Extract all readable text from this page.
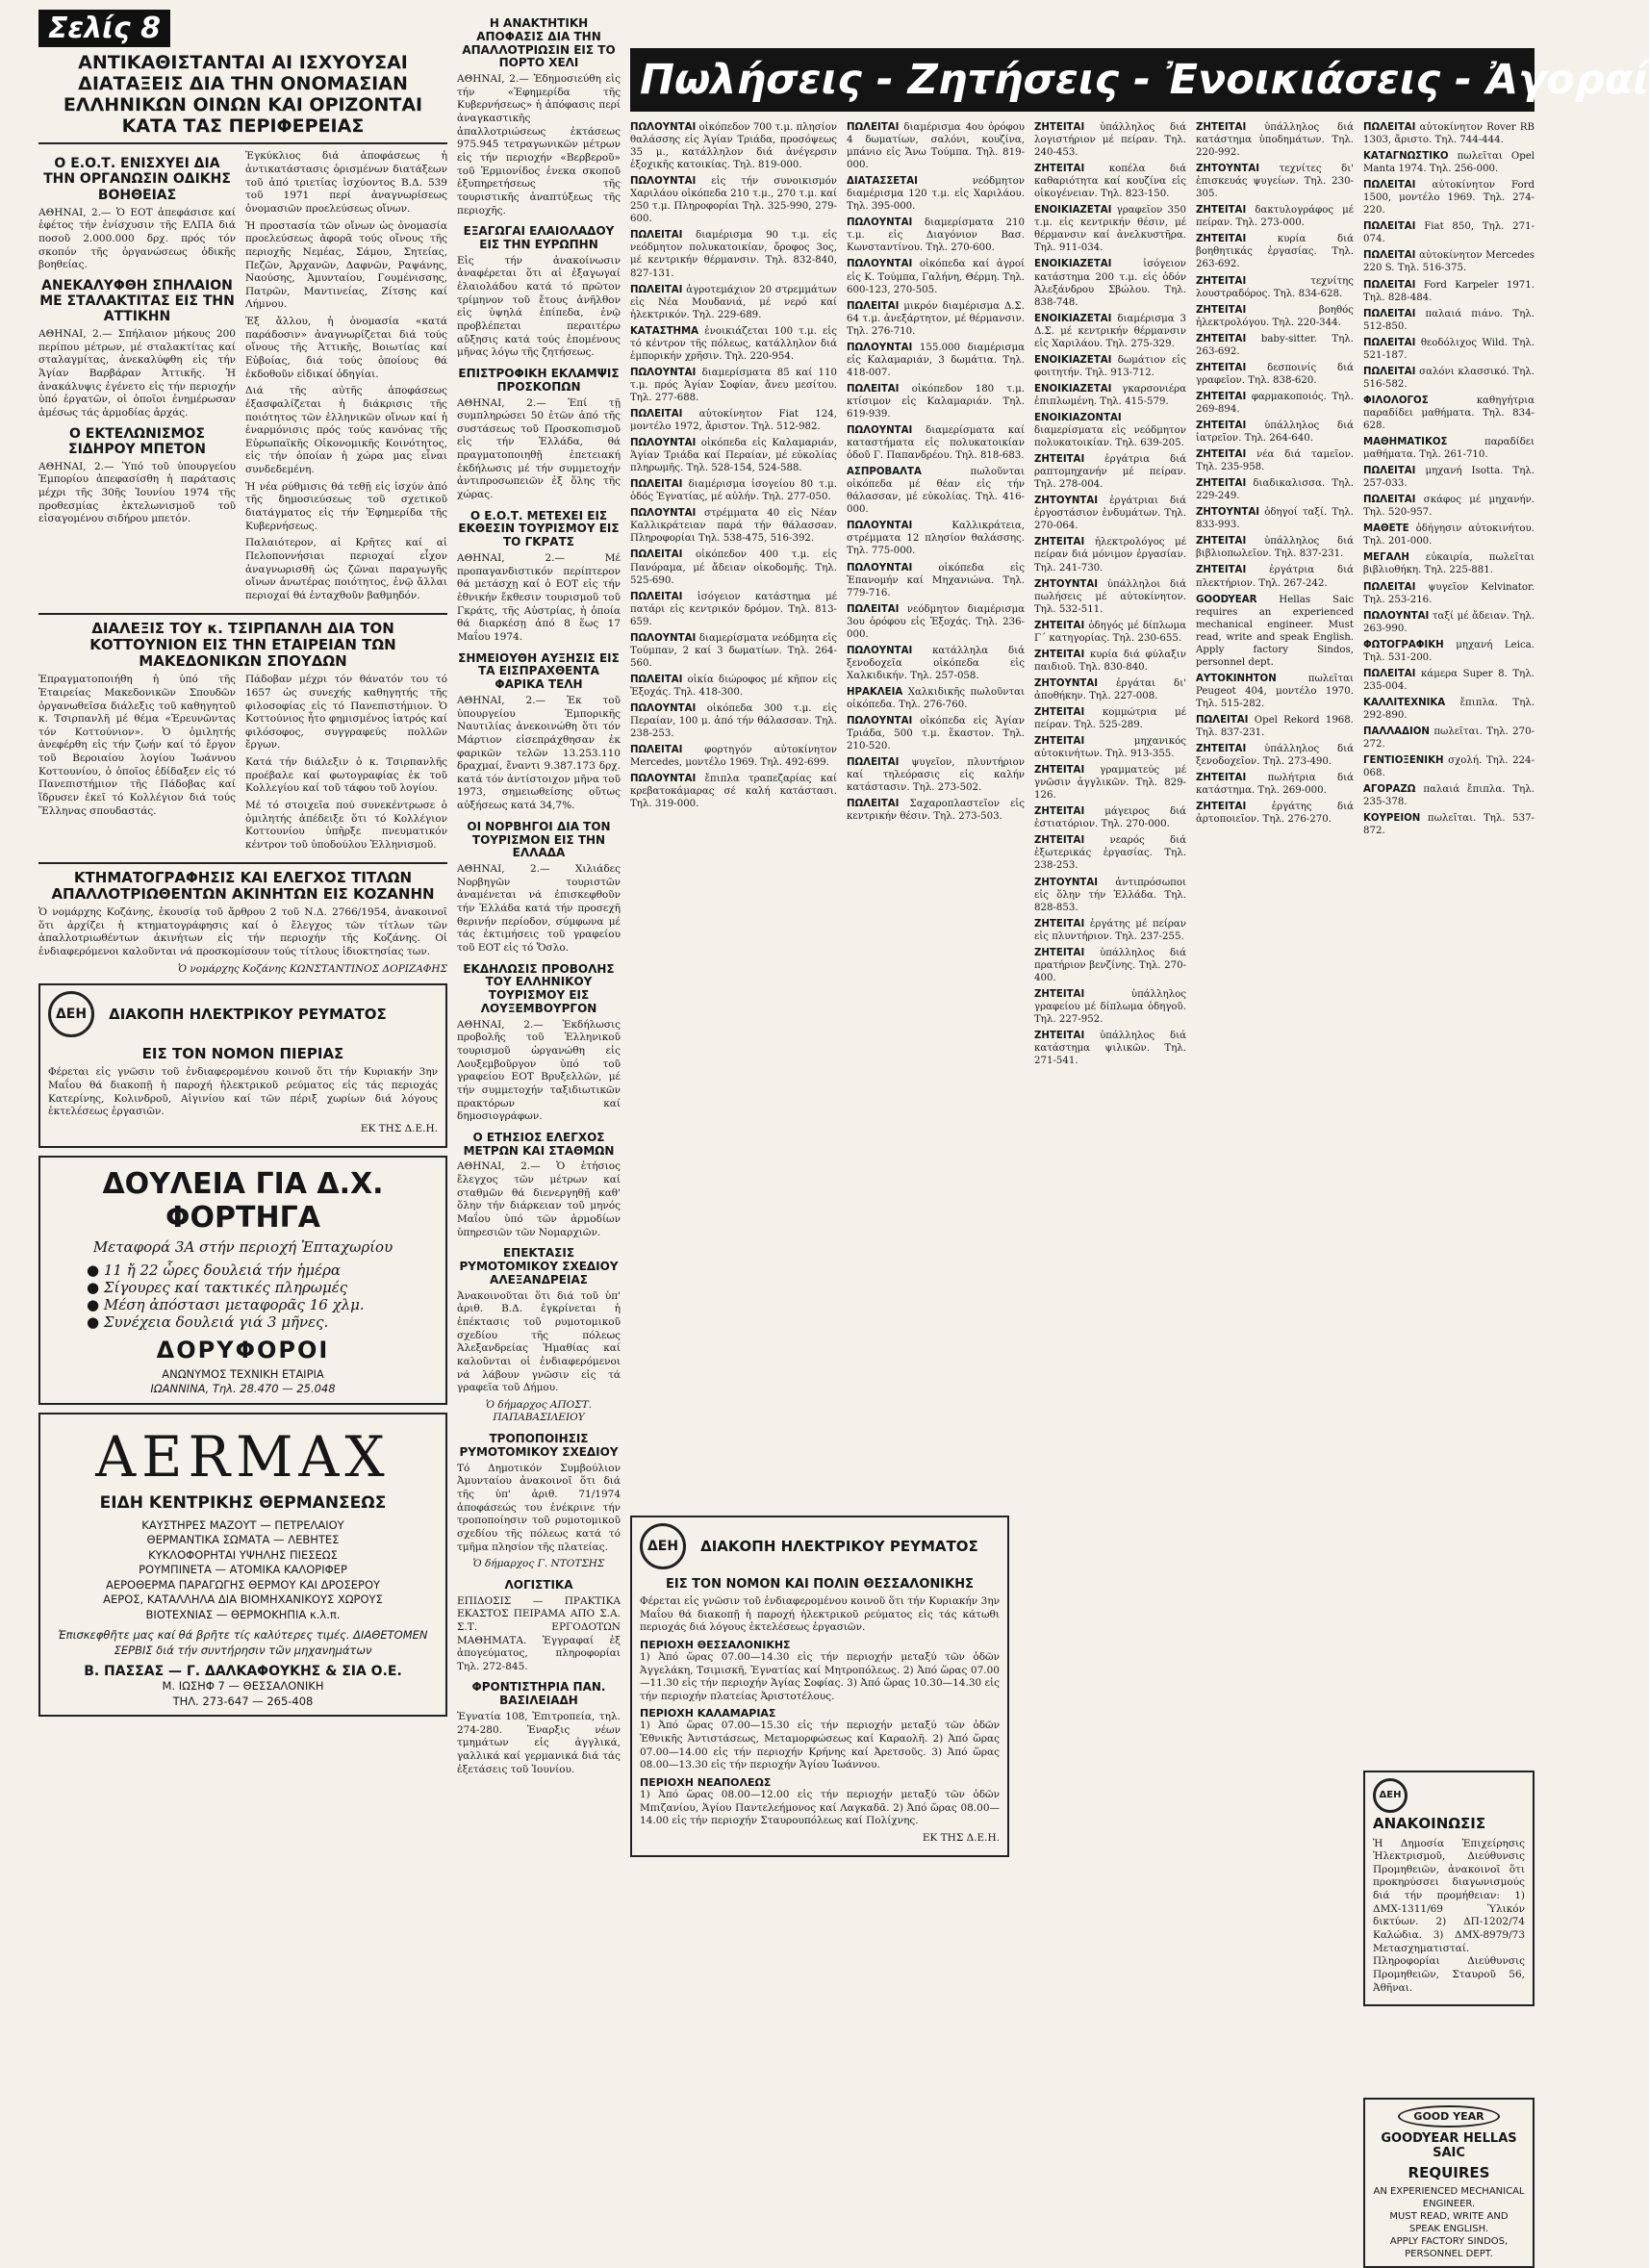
Σελίς 8
ΑΝΤΙΚΑΘΙΣΤΑΝΤΑΙ ΑΙ ΙΣΧΥΟΥΣΑΙ ΔΙΑΤΑΞΕΙΣ ΔΙΑ ΤΗΝ ΟΝΟΜΑΣΙΑΝ ΕΛΛΗΝΙΚΩΝ ΟΙΝΩΝ ΚΑΙ ΟΡΙΖΟΝΤΑΙ ΚΑΤΑ ΤΑΣ ΠΕΡΙΦΕΡΕΙΑΣ
Ο Ε.Ο.Τ. ΕΝΙΣΧΥΕΙ ΔΙΑ ΤΗΝ ΟΡΓΑΝΩΣΙΝ ΟΔΙΚΗΣ ΒΟΗΘΕΙΑΣ

ΑΘΗΝΑΙ, 2.— Ὁ ΕΟΤ ἀπεφάσισε καί ἐφέτος τήν ἐνίσχυσιν τῆς ΕΛΠΑ διά ποσοῦ 2.000.000 δρχ. πρός τόν σκοπόν τῆς ὀργανώσεως ὁδικῆς βοηθείας.

ΑΝΕΚΑΛΥΦΘΗ ΣΠΗΛΑΙΟΝ ΜΕ ΣΤΑΛΑΚΤΙΤΑΣ ΕΙΣ ΤΗΝ ΑΤΤΙΚΗΝ

ΑΘΗΝΑΙ, 2.— Σπήλαιον μήκους 200 περίπου μέτρων, μέ σταλακτίτας καί σταλαγμίτας, ἀνεκαλύφθη εἰς τήν Ἁγίαν Βαρβάραν Ἀττικῆς. Ἡ ἀνακάλυψις ἐγένετο εἰς τήν περιοχήν ὑπό ἐργατῶν, οἱ ὁποῖοι ἐνημέρωσαν ἀμέσως τάς ἀρμοδίας ἀρχάς.

Ο ΕΚΤΕΛΩΝΙΣΜΟΣ ΣΙΔΗΡΟΥ ΜΠΕΤΟΝ

ΑΘΗΝΑΙ, 2.— Ὑπό τοῦ ὑπουργείου Ἐμπορίου ἀπεφασίσθη ἡ παράτασις μέχρι τῆς 30ῆς Ἰουνίου 1974 τῆς προθεσμίας ἐκτελωνισμοῦ τοῦ εἰσαγομένου σιδήρου μπετόν.

Ἐγκύκλιος διά ἀποφάσεως ἡ ἀντικατάστασις ὁρισμένων διατάξεων τοῦ ἀπό τριετίας ἰσχύοντος Β.Δ. 539 τοῦ 1971 περί ἀναγνωρίσεως ὀνομασιῶν προελεύσεως οἴνων.

Ἡ προστασία τῶν οἴνων ὡς ὀνομασία προελεύσεως ἀφορᾶ τούς οἴνους τῆς περιοχῆς Νεμέας, Σάμου, Σητείας, Πεζῶν, Ἀρχανῶν, Δαφνῶν, Ραψάνης, Ναούσης, Ἀμυνταίου, Γουμένισσης, Πατρῶν, Μαντινείας, Ζίτσης καί Λήμνου.

Ἐξ ἄλλου, ἡ ὀνομασία «κατά παράδοσιν» ἀναγνωρίζεται διά τούς οἴνους τῆς Ἀττικῆς, Βοιωτίας καί Εὐβοίας, διά τούς ὁποίους θά ἐκδοθοῦν εἰδικαί ὁδηγίαι.

Διά τῆς αὐτῆς ἀποφάσεως ἐξασφαλίζεται ἡ διάκρισις τῆς ποιότητος τῶν ἑλληνικῶν οἴνων καί ἡ ἐναρμόνισις πρός τούς κανόνας τῆς Εὐρωπαϊκῆς Οἰκονομικῆς Κοινότητος, εἰς τήν ὁποίαν ἡ χώρα μας εἶναι συνδεδεμένη.

Ἡ νέα ρύθμισις θά τεθῇ εἰς ἰσχύν ἀπό τῆς δημοσιεύσεως τοῦ σχετικοῦ διατάγματος εἰς τήν Ἐφημερίδα τῆς Κυβερνήσεως.

Παλαιότερον, αἱ Κρῆτες καί αἱ Πελοποννήσιαι περιοχαί εἶχον ἀναγνωρισθῆ ὡς ζῶναι παραγωγῆς οἴνων ἀνωτέρας ποιότητος, ἐνῷ ἄλλαι περιοχαί θά ἐνταχθοῦν βαθμηδόν.

ΔΙΑΛΕΞΙΣ ΤΟΥ κ. ΤΣΙΡΠΑΝΛΗ ΔΙΑ ΤΟΝ ΚΟΤΤΟΥΝΙΟΝ ΕΙΣ ΤΗΝ ΕΤΑΙΡΕΙΑΝ ΤΩΝ ΜΑΚΕΔΟΝΙΚΩΝ ΣΠΟΥΔΩΝ

Ἐπραγματοποιήθη ἡ ὑπό τῆς Ἑταιρείας Μακεδονικῶν Σπουδῶν ὀργανωθεῖσα διάλεξις τοῦ καθηγητοῦ κ. Τσιρπανλῆ μέ θέμα «Ἐρευνῶντας τόν Κοττούνιον». Ὁ ὁμιλητής ἀνεφέρθη εἰς τήν ζωήν καί τό ἔργον τοῦ Βεροιαίου λογίου Ἰωάννου Κοττουνίου, ὁ ὁποῖος ἐδίδαξεν εἰς τό Πανεπιστήμιον τῆς Πάδοβας καί ἵδρυσεν ἐκεῖ τό Κολλέγιον διά τούς Ἕλληνας σπουδαστάς.

Πάδοβαν μέχρι τόν θάνατόν του τό 1657 ὡς συνεχής καθηγητής τῆς φιλοσοφίας εἰς τό Πανεπιστήμιον. Ὁ Κοττούνιος ἦτο φημισμένος ἰατρός καί φιλόσοφος, συγγραφεύς πολλῶν ἔργων.

Κατά τήν διάλεξιν ὁ κ. Τσιρπανλῆς προέβαλε καί φωτογραφίας ἐκ τοῦ Κολλεγίου καί τοῦ τάφου τοῦ λογίου.

Μέ τό στοιχεῖα πού συνεκέντρωσε ὁ ὁμιλητής ἀπέδειξε ὅτι τό Κολλέγιον Κοττουνίου ὑπῆρξε πνευματικόν κέντρον τοῦ ὑποδούλου Ἑλληνισμοῦ.

ΚΤΗΜΑΤΟΓΡΑΦΗΣΙΣ ΚΑΙ ΕΛΕΓΧΟΣ ΤΙΤΛΩΝ ΑΠΑΛΛΟΤΡΙΩΘΕΝΤΩΝ ΑΚΙΝΗΤΩΝ ΕΙΣ ΚΟΖΑΝΗΝ

Ὁ νομάρχης Κοζάνης, ἐκουσίᾳ τοῦ ἄρθρου 2 τοῦ Ν.Δ. 2766/1954, ἀνακοινοῖ ὅτι ἀρχίζει ἡ κτηματογράφησις καί ὁ ἔλεγχος τῶν τίτλων τῶν ἀπαλλοτριωθέντων ἀκινήτων εἰς τήν περιοχήν τῆς Κοζάνης. Οἱ ἐνδιαφερόμενοι καλοῦνται νά προσκομίσουν τούς τίτλους ἰδιοκτησίας των.

Ὁ νομάρχης Κοζάνης ΚΩΝΣΤΑΝΤΙΝΟΣ ΔΟΡΙΖΑΦΗΣ

ΔΕΗ ΔΙΑΚΟΠΗ ΗΛΕΚΤΡΙΚΟΥ ΡΕΥΜΑΤΟΣ
ΕΙΣ ΤΟΝ ΝΟΜΟΝ ΠΙΕΡΙΑΣ

Φέρεται εἰς γνῶσιν τοῦ ἐνδιαφερομένου κοινοῦ ὅτι τήν Κυριακήν 3ην Μαΐου θά διακοπῇ ἡ παροχή ἠλεκτρικοῦ ρεύματος εἰς τάς περιοχάς Κατερίνης, Κολινδροῦ, Αἰγινίου καί τῶν πέριξ χωρίων διά λόγους ἐκτελέσεως ἐργασιῶν.

ΕΚ ΤΗΣ Δ.Ε.Η.

ΔΟΥΛΕΙΑ ΓΙΑ Δ.Χ. ΦΟΡΤΗΓΑ
Μεταφορά 3Α στήν περιοχή Ἐπταχωρίου
● 11 ἤ 22 ὧρες δουλειά τήν ἡμέρα
● Σίγουρες καί τακτικές πληρωμές
● Μέση ἀπόστασι μεταφορᾶς 16 χλμ.
● Συνέχεια δουλειά γιά 3 μῆνες.
ΔΟΡΥΦΟΡΟΙ
ΑΝΩΝΥΜΟΣ ΤΕΧΝΙΚΗ ΕΤΑΙΡΙΑ
ΙΩΑΝΝΙΝΑ, Τηλ. 28.470 — 25.048
ΑΕRΜΑΧ
ΕΙΔΗ ΚΕΝΤΡΙΚΗΣ ΘΕΡΜΑΝΣΕΩΣ
ΚΑΥΣΤΗΡΕΣ ΜΑΖΟΥΤ — ΠΕΤΡΕΛΑΙΟΥ
ΘΕΡΜΑΝΤΙΚΑ ΣΩΜΑΤΑ — ΛΕΒΗΤΕΣ
ΚΥΚΛΟΦΟΡΗΤΑΙ ΥΨΗΛΗΣ ΠΙΕΣΕΩΣ
ΡΟΥΜΠΙΝΕΤΑ — ΑΤΟΜΙΚΑ ΚΑΛΟΡΙΦΕΡ
ΑΕΡΟΘΕΡΜΑ ΠΑΡΑΓΩΓΗΣ ΘΕΡΜΟΥ ΚΑΙ ΔΡΟΣΕΡΟΥ
ΑΕΡΟΣ, ΚΑΤΑΛΛΗΛΑ ΔΙΑ ΒΙΟΜΗΧΑΝΙΚΟΥΣ ΧΩΡΟΥΣ
ΒΙΟΤΕΧΝΙΑΣ — ΘΕΡΜΟΚΗΠΙΑ κ.λ.π.
Ἐπισκεφθῆτε μας καί θά βρῆτε τίς καλύτερες τιμές. ΔΙΑΘΕΤΟΜΕΝ ΣΕΡΒΙΣ διά τήν συντήρησιν τῶν μηχανημάτων
Β. ΠΑΣΣΑΣ — Γ. ΔΑΛΚΑΦΟΥΚΗΣ & ΣΙΑ Ο.Ε.
Μ. ΙΩΣΗΦ 7 — ΘΕΣΣΑΛΟΝΙΚΗ
ΤΗΛ. 273-647 — 265-408
Η ΑΝΑΚΤΗΤΙΚΗ ΑΠΟΦΑΣΙΣ ΔΙΑ ΤΗΝ ΑΠΑΛΛΟΤΡΙΩΣΙΝ ΕΙΣ ΤΟ ΠΟΡΤΟ ΧΕΛΙ

ΑΘΗΝΑΙ, 2.— Ἐδημοσιεύθη εἰς τήν «Ἐφημερίδα τῆς Κυβερνήσεως» ἡ ἀπόφασις περί ἀναγκαστικῆς ἀπαλλοτριώσεως ἐκτάσεως 975.945 τετραγωνικῶν μέτρων εἰς τήν περιοχήν «Βερβεροῦ» τοῦ Ἑρμιονίδος ἐνεκα σκοποῦ ἐξυπηρετήσεως τῆς τουριστικῆς ἀναπτύξεως τῆς περιοχῆς.

ΕΞΑΓΩΓΑΙ ΕΛΑΙΟΛΑΔΟΥ ΕΙΣ ΤΗΝ ΕΥΡΩΠΗΝ

Εἰς τήν ἀνακοίνωσιν ἀναφέρεται ὅτι αἱ ἐξαγωγαί ἐλαιολάδου κατά τό πρῶτον τρίμηνον τοῦ ἔτους ἀνῆλθον εἰς ὑψηλά ἐπίπεδα, ἐνῷ προβλέπεται περαιτέρω αὔξησις κατά τούς ἑπομένους μῆνας λόγω τῆς ζητήσεως.

ΕΠΙΣΤΡΟΦΙΚΗ ΕΚΛΑΜΨΙΣ ΠΡΟΣΚΟΠΩΝ

ΑΘΗΝΑΙ, 2.— Ἐπί τῇ συμπληρώσει 50 ἐτῶν ἀπό τῆς συστάσεως τοῦ Προσκοπισμοῦ εἰς τήν Ἑλλάδα, θά πραγματοποιηθῇ ἐπετειακή ἐκδήλωσις μέ τήν συμμετοχήν ἀντιπροσωπειῶν ἐξ ὅλης τῆς χώρας.

Ο Ε.Ο.Τ. ΜΕΤΕΧΕΙ ΕΙΣ ΕΚΘΕΣΙΝ ΤΟΥΡΙΣΜΟΥ ΕΙΣ ΤΟ ΓΚΡΑΤΣ

ΑΘΗΝΑΙ, 2.— Μέ προπαγανδιστικόν περίπτερον θά μετάσχῃ καί ὁ ΕΟΤ εἰς τήν ἐθνικήν ἔκθεσιν τουρισμοῦ τοῦ Γκράτς, τῆς Αὐστρίας, ἡ ὁποία θά διαρκέσῃ ἀπό 8 ἕως 17 Μαΐου 1974.

ΣΗΜΕΙΟΥΘΗ ΑΥΞΗΣΙΣ ΕΙΣ ΤΑ ΕΙΣΠΡΑΧΘΕΝΤΑ ΦΑΡΙΚΑ ΤΕΛΗ

ΑΘΗΝΑΙ, 2.— Ἐκ τοῦ ὑπουργείου Ἐμπορικῆς Ναυτιλίας ἀνεκοινώθη ὅτι τόν Μάρτιον εἰσεπράχθησαν ἐκ φαρικῶν τελῶν 13.253.110 δραχμαί, ἔναντι 9.387.173 δρχ. κατά τόν ἀντίστοιχον μῆνα τοῦ 1973, σημειωθείσης οὕτως αὐξήσεως κατά 34,7%.

ΟΙ ΝΟΡΒΗΓΟΙ ΔΙΑ ΤΟΝ ΤΟΥΡΙΣΜΟΝ ΕΙΣ ΤΗΝ ΕΛΛΑΔΑ

ΑΘΗΝΑΙ, 2.— Χιλιάδες Νορβηγῶν τουριστῶν ἀναμένεται νά ἐπισκεφθοῦν τήν Ἑλλάδα κατά τήν προσεχῆ θερινήν περίοδον, σύμφωνα μέ τάς ἐκτιμήσεις τοῦ γραφείου τοῦ ΕΟΤ εἰς τό Ὄσλο.

ΕΚΔΗΛΩΣΙΣ ΠΡΟΒΟΛΗΣ ΤΟΥ ΕΛΛΗΝΙΚΟΥ ΤΟΥΡΙΣΜΟΥ ΕΙΣ ΛΟΥΞΕΜΒΟΥΡΓΟΝ

ΑΘΗΝΑΙ, 2.— Ἐκδήλωσις προβολῆς τοῦ Ἑλληνικοῦ τουρισμοῦ ὠργανώθη εἰς Λουξεμβοῦργον ὑπό τοῦ γραφείου ΕΟΤ Βρυξελλῶν, μέ τήν συμμετοχήν ταξιδιωτικῶν πρακτόρων καί δημοσιογράφων.

Ο ΕΤΗΣΙΟΣ ΕΛΕΓΧΟΣ ΜΕΤΡΩΝ ΚΑΙ ΣΤΑΘΜΩΝ

ΑΘΗΝΑΙ, 2.— Ὁ ἐτήσιος ἔλεγχος τῶν μέτρων καί σταθμῶν θά διενεργηθῇ καθ' ὅλην τήν διάρκειαν τοῦ μηνός Μαΐου ὑπό τῶν ἀρμοδίων ὑπηρεσιῶν τῶν Νομαρχιῶν.

ΕΠΕΚΤΑΣΙΣ ΡΥΜΟΤΟΜΙΚΟΥ ΣΧΕΔΙΟΥ ΑΛΕΞΑΝΔΡΕΙΑΣ

Ἀνακοινοῦται ὅτι διά τοῦ ὑπ' ἀριθ. Β.Δ. ἐγκρίνεται ἡ ἐπέκτασις τοῦ ρυμοτομικοῦ σχεδίου τῆς πόλεως Ἀλεξανδρείας Ἡμαθίας καί καλοῦνται οἱ ἐνδιαφερόμενοι νά λάβουν γνῶσιν εἰς τά γραφεῖα τοῦ Δήμου.

Ὁ δήμαρχος ΑΠΟΣΤ. ΠΑΠΑΒΑΣΙΛΕΙΟΥ

ΤΡΟΠΟΠΟΙΗΣΙΣ ΡΥΜΟΤΟΜΙΚΟΥ ΣΧΕΔΙΟΥ

Τό Δημοτικόν Συμβούλιον Ἀμυνταίου ἀνακοινοῖ ὅτι διά τῆς ὑπ' ἀριθ. 71/1974 ἀποφάσεώς του ἐνέκρινε τήν τροποποίησιν τοῦ ρυμοτομικοῦ σχεδίου τῆς πόλεως κατά τό τμῆμα πλησίον τῆς πλατείας.

Ὁ δήμαρχος Γ. ΝΤΟΤΣΗΣ

ΛΟΓΙΣΤΙΚΑ

ΕΠΙΔΟΣΙΣ — ΠΡΑΚΤΙΚΑ ΕΚΑΣΤΟΣ ΠΕΙΡΑΜΑ ΑΠΟ Σ.Α. Σ.Τ. ΕΡΓΟΔΟΤΩΝ ΜΑΘΗΜΑΤΑ. Ἐγγραφαί ἐξ ἀπογεύματος, πληροφορίαι Τηλ. 272-845.

ΦΡΟΝΤΙΣΤΗΡΙΑ ΠΑΝ. ΒΑΣΙΛΕΙΑΔΗ

Ἐγνατία 108, Ἐπιτροπεία, τηλ. 274-280. Ἐναρξις νέων τμημάτων εἰς ἀγγλικά, γαλλικά καί γερμανικά διά τάς ἐξετάσεις τοῦ Ἰουνίου.

Πωλήσεις - Ζητήσεις - Ἐνοικιάσεις - Ἀγοραί

ΠΩΛΟΥΝΤΑΙ οἰκόπεδον 700 τ.μ. πλησίον θαλάσσης εἰς Ἁγίαν Τριάδα, προσόψεως 35 μ., κατάλληλον διά ἀνέγερσιν ἐξοχικῆς κατοικίας. Τηλ. 819-000.

ΠΩΛΟΥΝΤΑΙ εἰς τήν συνοικισμόν Χαριλάου οἰκόπεδα 210 τ.μ., 270 τ.μ. καί 250 τ.μ. Πληροφορίαι Τηλ. 325-990, 279-600.

ΠΩΛΕΙΤΑΙ διαμέρισμα 90 τ.μ. εἰς νεόδμητον πολυκατοικίαν, ὄροφος 3ος, μέ κεντρικήν θέρμανσιν. Τηλ. 832-840, 827-131.

ΠΩΛΕΙΤΑΙ ἀγροτεμάχιον 20 στρεμμάτων εἰς Νέα Μουδανιά, μέ νερό καί ἠλεκτρικόν. Τηλ. 229-689.

ΚΑΤΑΣΤΗΜΑ ἐνοικιάζεται 100 τ.μ. εἰς τό κέντρον τῆς πόλεως, κατάλληλον διά ἐμπορικήν χρῆσιν. Τηλ. 220-954.

ΠΩΛΟΥΝΤΑΙ διαμερίσματα 85 καί 110 τ.μ. πρός Ἁγίαν Σοφίαν, ἄνευ μεσίτου. Τηλ. 277-688.

ΠΩΛΕΙΤΑΙ αὐτοκίνητον Fiat 124, μοντέλο 1972, ἄριστον. Τηλ. 512-982.

ΠΩΛΟΥΝΤΑΙ οἰκόπεδα εἰς Καλαμαριάν, Ἁγίαν Τριάδα καί Περαίαν, μέ εὐκολίας πληρωμῆς. Τηλ. 528-154, 524-588.

ΠΩΛΕΙΤΑΙ διαμέρισμα ἰσογείου 80 τ.μ. ὁδός Ἐγνατίας, μέ αὐλήν. Τηλ. 277-050.

ΠΩΛΟΥΝΤΑΙ στρέμματα 40 εἰς Νέαν Καλλικράτειαν παρά τήν θάλασσαν. Πληροφορίαι Τηλ. 538-475, 516-392.

ΠΩΛΕΙΤΑΙ οἰκόπεδον 400 τ.μ. εἰς Πανόραμα, μέ ἄδειαν οἰκοδομῆς. Τηλ. 525-690.

ΠΩΛΕΙΤΑΙ ἰσόγειον κατάστημα μέ πατάρι εἰς κεντρικόν δρόμον. Τηλ. 813-659.

ΠΩΛΟΥΝΤΑΙ διαμερίσματα νεόδμητα εἰς Τούμπαν, 2 καί 3 δωματίων. Τηλ. 264-560.

ΠΩΛΕΙΤΑΙ οἰκία διώροφος μέ κῆπον εἰς Ἐξοχάς. Τηλ. 418-300.

ΠΩΛΟΥΝΤΑΙ οἰκόπεδα 300 τ.μ. εἰς Περαίαν, 100 μ. ἀπό τήν θάλασσαν. Τηλ. 238-253.

ΠΩΛΕΙΤΑΙ φορτηγόν αὐτοκίνητον Mercedes, μοντέλο 1969. Τηλ. 492-699.

ΠΩΛΟΥΝΤΑΙ ἔπιπλα τραπεζαρίας καί κρεβατοκάμαρας σέ καλή κατάστασι. Τηλ. 319-000.

ΠΩΛΕΙΤΑΙ διαμέρισμα 4ου ὀρόφου 4 δωματίων, σαλόνι, κουζίνα, μπάνιο εἰς Ἄνω Τούμπα. Τηλ. 819-000.

ΔΙΑΤΑΣΣΕΤΑΙ	νεόδμητον διαμέρισμα 120 τ.μ. εἰς Χαριλάου. Τηλ. 395-000.

ΠΩΛΟΥΝΤΑΙ διαμερίσματα 210 τ.μ. εἰς Διαγόνιον Βασ. Κωνσταντίνου. Τηλ. 270-600.

ΠΩΛΟΥΝΤΑΙ οἰκόπεδα καί ἀγροί εἰς Κ. Τούμπα, Γαλήνη, Θέρμη. Τηλ. 600-123, 270-505.

ΠΩΛΕΙΤΑΙ μικρόν διαμέρισμα Δ.Σ. 64 τ.μ. ἀνεξάρτητον, μέ θέρμανσιν. Τηλ. 276-710.

ΠΩΛΟΥΝΤΑΙ 155.000 διαμέρισμα εἰς Καλαμαριάν, 3 δωμάτια. Τηλ. 418-007.

ΠΩΛΕΙΤΑΙ οἰκόπεδον 180 τ.μ. κτίσιμον εἰς Καλαμαριάν. Τηλ. 619-939.

ΠΩΛΟΥΝΤΑΙ διαμερίσματα καί καταστήματα εἰς πολυκατοικίαν ὁδοῦ Γ. Παπανδρέου. Τηλ. 818-683.

ΑΣΠΡΟΒΑΛΤΑ	πωλοῦνται οἰκόπεδα μέ θέαν εἰς τήν θάλασσαν, μέ εὐκολίας. Τηλ. 416-000.

ΠΩΛΟΥΝΤΑΙ	Καλλικράτεια, στρέμματα 12 πλησίον θαλάσσης. Τηλ. 775-000.

ΠΩΛΟΥΝΤΑΙ	οἰκόπεδα εἰς Ἐπανομήν καί Μηχανιώνα. Τηλ. 779-716.

ΠΩΛΕΙΤΑΙ νεόδμητον διαμέρισμα 3ου ὀρόφου εἰς Ἐξοχάς. Τηλ. 236-000.

ΠΩΛΟΥΝΤΑΙ κατάλληλα διά ξενοδοχεῖα οἰκόπεδα εἰς Χαλκιδικήν. Τηλ. 257-058.

ΗΡΑΚΛΕΙΑ Χαλκιδικῆς πωλοῦνται οἰκόπεδα. Τηλ. 276-760.

ΠΩΛΟΥΝΤΑΙ οἰκόπεδα εἰς Ἁγίαν Τριάδα, 500 τ.μ. ἕκαστον. Τηλ. 210-520.

ΠΩΛΕΙΤΑΙ ψυγεῖον, πλυντήριον καί τηλεόρασις εἰς καλήν κατάστασιν. Τηλ. 273-502.

ΠΩΛΕΙΤΑΙ Σαχαροπλαστεῖον εἰς κεντρικήν θέσιν. Τηλ. 273-503.

ΖΗΤΕΙΤΑΙ ὑπάλληλος διά λογιστήριον μέ πείραν. Τηλ. 240-453.

ΖΗΤΕΙΤΑΙ κοπέλα διά καθαριότητα καί κουζίνα εἰς οἰκογένειαν. Τηλ. 823-150.

ΕΝΟΙΚΙΑΖΕΤΑΙ γραφεῖον 350 τ.μ. εἰς κεντρικήν θέσιν, μέ θέρμανσιν καί ἀνελκυστῆρα. Τηλ. 911-034.

ΕΝΟΙΚΙΑΖΕΤΑΙ	ἰσόγειον κατάστημα 200 τ.μ. εἰς ὁδόν Ἀλεξάνδρου Σβώλου. Τηλ. 838-748.

ΕΝΟΙΚΙΑΖΕΤΑΙ διαμέρισμα 3 Δ.Σ. μέ κεντρικήν θέρμανσιν εἰς Χαριλάου. Τηλ. 275-329.

ΕΝΟΙΚΙΑΖΕΤΑΙ δωμάτιον εἰς φοιτητήν. Τηλ. 913-712.

ΕΝΟΙΚΙΑΖΕΤΑΙ γκαρσονιέρα ἐπιπλωμένη. Τηλ. 415-579.

ΕΝΟΙΚΙΑΖΟΝΤΑΙ διαμερίσματα εἰς νεόδμητον πολυκατοικίαν. Τηλ. 639-205.

ΖΗΤΕΙΤΑΙ ἐργάτρια διά ραπτομηχανήν μέ πείραν. Τηλ. 278-004.

ΖΗΤΟΥΝΤΑΙ ἐργάτριαι διά ἐργοστάσιον ἐνδυμάτων. Τηλ. 270-064.

ΖΗΤΕΙΤΑΙ ἡλεκτρολόγος μέ πείραν διά μόνιμον ἐργασίαν. Τηλ. 241-730.

ΖΗΤΟΥΝΤΑΙ ὑπάλληλοι διά πωλήσεις μέ αὐτοκίνητον. Τηλ. 532-511.

ΖΗΤΕΙΤΑΙ ὁδηγός μέ δίπλωμα Γ΄ κατηγορίας. Τηλ. 230-655.

ΖΗΤΕΙΤΑΙ κυρία διά φύλαξιν παιδιοῦ. Τηλ. 830-840.

ΖΗΤΟΥΝΤΑΙ ἐργάται δι' ἀποθήκην. Τηλ. 227-008.

ΖΗΤΕΙΤΑΙ κομμώτρια μέ πείραν. Τηλ. 525-289.

ΖΗΤΕΙΤΑΙ	μηχανικός αὐτοκινήτων. Τηλ. 913-355.

ΖΗΤΕΙΤΑΙ γραμματεύς μέ γνῶσιν ἀγγλικῶν. Τηλ. 829-126.

ΖΗΤΕΙΤΑΙ μάγειρος διά ἑστιατόριον. Τηλ. 270-000.

ΖΗΤΕΙΤΑΙ	νεαρός διά ἐξωτερικάς ἐργασίας. Τηλ. 238-253.

ΖΗΤΟΥΝΤΑΙ ἀντιπρόσωποι εἰς ὅλην τήν Ἑλλάδα. Τηλ. 828-853.

ΖΗΤΕΙΤΑΙ ἐργάτης μέ πείραν εἰς πλυντήριον. Τηλ. 237-255.

ΖΗΤΕΙΤΑΙ ὑπάλληλος διά πρατήριον βενζίνης. Τηλ. 270-400.

ΖΗΤΕΙΤΑΙ	ὑπάλληλος γραφείου μέ δίπλωμα ὁδηγοῦ. Τηλ. 227-952.

ΖΗΤΕΙΤΑΙ ὑπάλληλος διά κατάστημα ψιλικῶν. Τηλ. 271-541.

ΖΗΤΕΙΤΑΙ ὑπάλληλος διά κατάστημα ὑποδημάτων. Τηλ. 220-992.

ΖΗΤΟΥΝΤΑΙ τεχνίτες δι' ἐπισκευάς ψυγείων. Τηλ. 230-305.

ΖΗΤΕΙΤΑΙ δακτυλογράφος μέ πείραν. Τηλ. 273-000.

ΖΗΤΕΙΤΑΙ	κυρία διά βοηθητικάς ἐργασίας. Τηλ. 263-692.

ΖΗΤΕΙΤΑΙ	τεχνίτης λουστραδόρος. Τηλ. 834-628.

ΖΗΤΕΙΤΑΙ	βοηθός ἠλεκτρολόγου. Τηλ. 220-344.

ΖΗΤΕΙΤΑΙ baby-sitter. Τηλ. 263-692.

ΖΗΤΕΙΤΑΙ δεσποινίς διά γραφεῖον. Τηλ. 838-620.

ΖΗΤΕΙΤΑΙ φαρμακοποιός. Τηλ. 269-894.

ΖΗΤΕΙΤΑΙ ὑπάλληλος διά ἰατρεῖον. Τηλ. 264-640.

ΖΗΤΕΙΤΑΙ νέα διά ταμεῖον. Τηλ. 235-958.

ΖΗΤΕΙΤΑΙ διαδικαλισσα. Τηλ. 229-249.

ΖΗΤΟΥΝΤΑΙ ὁδηγοί ταξί. Τηλ. 833-993.

ΖΗΤΕΙΤΑΙ ὑπάλληλος διά βιβλιοπωλεῖον. Τηλ. 837-231.

ΖΗΤΕΙΤΑΙ ἐργάτρια διά πλεκτήριον. Τηλ. 267-242.

GOODYEAR Hellas Saic requires an experienced mechanical engineer. Must read, write and speak English. Apply factory Sindos, personnel dept.

ΑΥΤΟΚΙΝΗΤΟΝ	πωλεῖται Peugeot 404, μοντέλο 1970. Τηλ. 515-282.

ΠΩΛΕΙΤΑΙ Opel Rekord 1968. Τηλ. 837-231.

ΖΗΤΕΙΤΑΙ ὑπάλληλος διά ξενοδοχεῖον. Τηλ. 273-490.

ΖΗΤΕΙΤΑΙ πωλήτρια διά κατάστημα. Τηλ. 269-000.

ΖΗΤΕΙΤΑΙ	ἐργάτης διά ἀρτοποιεῖον. Τηλ. 276-270.

ΠΩΛΕΙΤΑΙ αὐτοκίνητον Rover RB 1303, ἄριστο. Τηλ. 744-444.

ΚΑΤΑΓΝΩΣΤΙΚΟ πωλεῖται Opel Manta 1974. Τηλ. 256-000.

ΠΩΛΕΙΤΑΙ αὐτοκίνητον Ford 1500, μοντέλο 1969. Τηλ. 274-220.

ΠΩΛΕΙΤΑΙ Fiat 850, Τηλ. 271-074.

ΠΩΛΕΙΤΑΙ αὐτοκίνητον Mercedes 220 S. Τηλ. 516-375.

ΠΩΛΕΙΤΑΙ Ford Karpeler 1971. Τηλ. 828-484.

ΠΩΛΕΙΤΑΙ παλαιά πιάνο. Τηλ. 512-850.

ΠΩΛΕΙΤΑΙ θεοδόλιχος Wild. Τηλ. 521-187.

ΠΩΛΕΙΤΑΙ σαλόνι κλασσικό. Τηλ. 516-582.

ΦΙΛΟΛΟΓΟΣ	καθηγήτρια παραδίδει μαθήματα. Τηλ. 834-628.

ΜΑΘΗΜΑΤΙΚΟΣ	παραδίδει μαθήματα. Τηλ. 261-710.

ΠΩΛΕΙΤΑΙ μηχανή Isotta. Τηλ. 257-033.

ΠΩΛΕΙΤΑΙ σκάφος μέ μηχανήν. Τηλ. 520-957.

ΜΑΘΕΤΕ ὁδήγησιν αὐτοκινήτου. Τηλ. 201-000.

ΜΕΓΑΛΗ εὐκαιρία, πωλεῖται βιβλιοθήκη. Τηλ. 225-881.

ΠΩΛΕΙΤΑΙ ψυγεῖον Κelvinator. Τηλ. 253-216.

ΠΩΛΟΥΝΤΑΙ ταξί μέ ἄδειαν. Τηλ. 263-990.

ΦΩΤΟΓΡΑΦΙΚΗ μηχανή Leica. Τηλ. 531-200.

ΠΩΛΕΙΤΑΙ κάμερα Super 8. Τηλ. 235-004.

ΚΑΛΛΙΤΕΧΝΙΚΑ ἔπιπλα. Τηλ. 292-890.

ΠΑΛΛΑΔΙΟΝ πωλεῖται. Τηλ. 270-272.

ΓΕΝΤΙΟΞΕΝΙΚΗ σχολή. Τηλ. 224-068.

ΑΓΟΡΑΖΩ παλαιά ἔπιπλα. Τηλ. 235-378.

ΚΟΥΡΕΙΟΝ πωλεῖται. Τηλ. 537-872.

ΔΕΗ ΔΙΑΚΟΠΗ ΗΛΕΚΤΡΙΚΟΥ ΡΕΥΜΑΤΟΣ
ΕΙΣ ΤΟΝ ΝΟΜΟΝ ΚΑΙ ΠΟΛΙΝ ΘΕΣΣΑΛΟΝΙΚΗΣ

Φέρεται εἰς γνῶσιν τοῦ ἐνδιαφερομένου κοινοῦ ὅτι τήν Κυριακήν 3ην Μαΐου θά διακοπῇ ἡ παροχή ἠλεκτρικοῦ ρεύματος εἰς τάς κάτωθι περιοχάς διά λόγους ἐκτελέσεως ἐργασιῶν.

ΠΕΡΙΟΧΗ ΘΕΣΣΑΛΟΝΙΚΗΣ

1) Ἀπό ὥρας 07.00—14.30 εἰς τήν περιοχήν μεταξύ τῶν ὁδῶν Ἀγγελάκη, Τσιμισκῆ, Ἐγνατίας καί Μητροπόλεως. 2) Ἀπό ὥρας 07.00—11.30 εἰς τήν περιοχήν Ἁγίας Σοφίας. 3) Ἀπό ὥρας 10.30—14.30 εἰς τήν περιοχήν πλατείας Ἀριστοτέλους.

ΠΕΡΙΟΧΗ ΚΑΛΑΜΑΡΙΑΣ

1) Ἀπό ὥρας 07.00—15.30 εἰς τήν περιοχήν μεταξύ τῶν ὁδῶν Ἐθνικῆς Ἀντιστάσεως, Μεταμορφώσεως καί Καραολῆ. 2) Ἀπό ὥρας 07.00—14.00 εἰς τήν περιοχήν Κρήνης καί Ἀρετσοῦς. 3) Ἀπό ὥρας 08.00—13.30 εἰς τήν περιοχήν Ἁγίου Ἰωάννου.

ΠΕΡΙΟΧΗ ΝΕΑΠΟΛΕΩΣ

1) Ἀπό ὥρας 08.00—12.00 εἰς τήν περιοχήν μεταξύ τῶν ὁδῶν Μπιζανίου, Ἁγίου Παντελεήμονος καί Λαγκαδᾶ. 2) Ἀπό ὥρας 08.00—14.00 εἰς τήν περιοχήν Σταυρουπόλεως καί Πολίχνης.

ΕΚ ΤΗΣ Δ.Ε.Η.

ΔΕΗ ΑΝΑΚΟΙΝΩΣΙΣ

Ἡ Δημοσία Ἐπιχείρησις Ἠλεκτρισμοῦ, Διεύθυνσις Προμηθειῶν, ἀνακοινοῖ ὅτι προκηρύσσει διαγωνισμούς διά τήν προμήθειαν: 1) ΔΜΧ-1311/69 Ὑλικόν δικτύων. 2) ΔΠ-1202/74 Καλώδια. 3) ΔΜΧ-8979/73 Μετασχηματισταί. Πληροφορίαι Διεύθυνσις Προμηθειῶν, Σταυροῦ 56, Ἀθῆναι.

GOOD YEAR
GOODYEAR HELLAS SAIC
REQUIRES
AN EXPERIENCED MECHANICAL ENGINEER.
MUST READ, WRITE AND SPEAK ENGLISH.
APPLY FACTORY SINDOS, PERSONNEL DEPT.
